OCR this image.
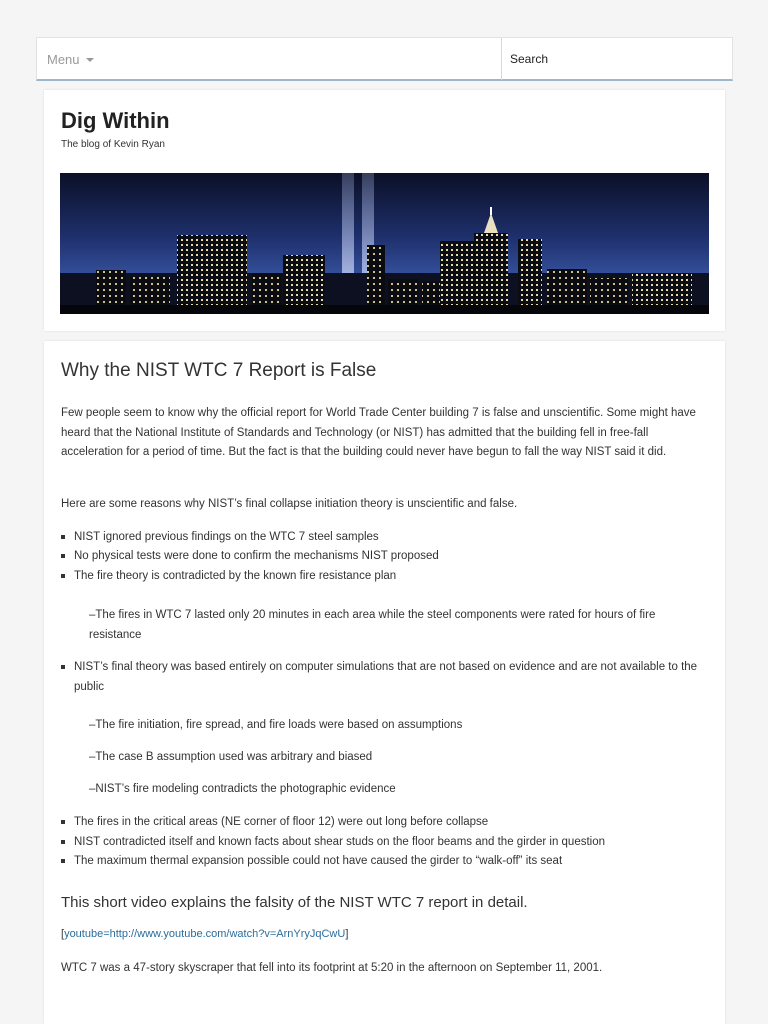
Menu
Search
Dig Within
The blog of Kevin Ryan
Why the NIST WTC 7 Report is False

Few people seem to know why the official report for World Trade Center building 7 is false and unscientific. Some might have heard that the National Institute of Standards and Technology (or NIST) has admitted that the building fell in free-fall acceleration for a period of time. But the fact is that the building could never have begun to fall the way NIST said it did.

Here are some reasons why NIST’s final collapse initiation theory is unscientific and false.

NIST ignored previous findings on the WTC 7 steel samples
No physical tests were done to confirm the mechanisms NIST proposed
The fire theory is contradicted by the known fire resistance plan
–The fires in WTC 7 lasted only 20 minutes in each area while the steel components were rated for hours of fire resistance
NIST’s final theory was based entirely on computer simulations that are not based on evidence and are not available to the public
–The fire initiation, fire spread, and fire loads were based on assumptions
–The case B assumption used was arbitrary and biased
–NIST’s fire modeling contradicts the photographic evidence
The fires in the critical areas (NE corner of floor 12) were out long before collapse
NIST contradicted itself and known facts about shear studs on the floor beams and the girder in question
The maximum thermal expansion possible could not have caused the girder to “walk-off” its seat
This short video explains the falsity of the NIST WTC 7 report in detail.
[youtube=http://www.youtube.com/watch?v=ArnYryJqCwU]

WTC 7 was a 47-story skyscraper that fell into its footprint at 5:20 in the afternoon on September 11, 2001.
